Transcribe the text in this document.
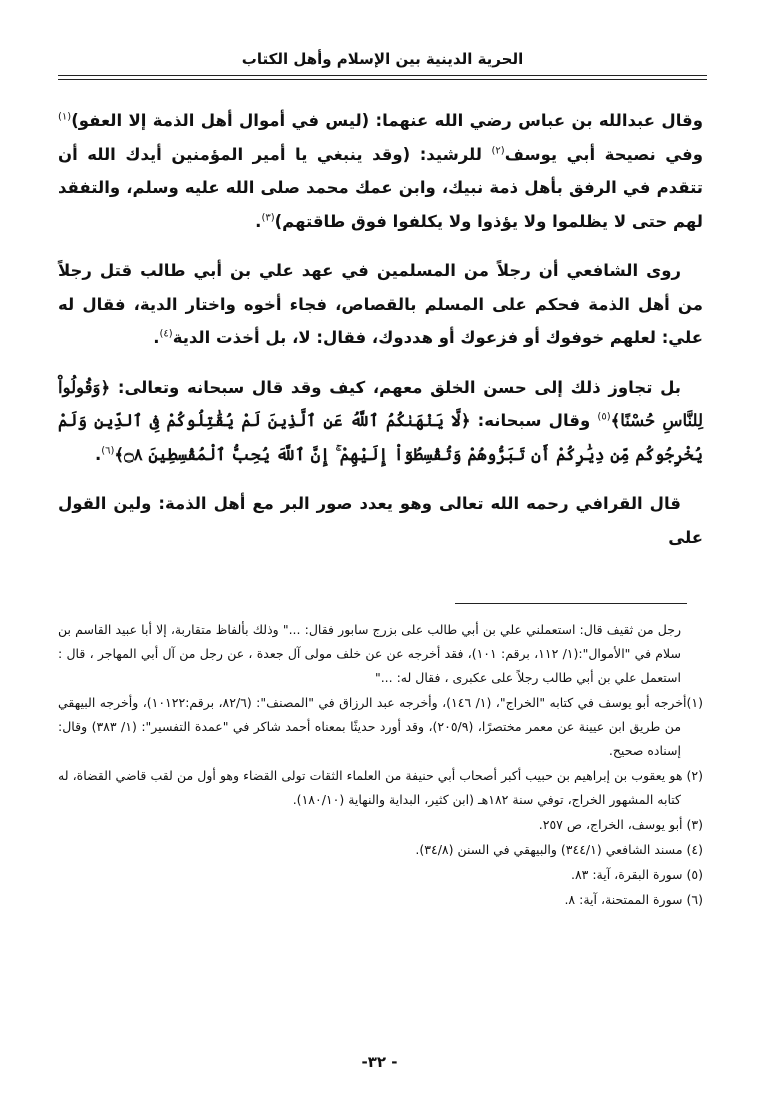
الحرية الدينية بين الإسلام وأهل الكتاب

وقال عبدالله بن عباس رضي الله عنهما: (ليس في أموال أهل الذمة إلا العفو)$^{(١)}$ وفي نصيحة أبي يوسف$^{(٢)}$ للرشيد: (وقد ينبغي يا أمير المؤمنين أيدك الله أن تتقدم في الرفق بأهل ذمة نبيك، وابن عمك محمد صلى الله عليه وسلم، والتفقد لهم حتى لا يظلموا ولا يؤذوا ولا يكلفوا فوق طاقتهم)$^{(٣)}$.

روى الشافعي أن رجلاً من المسلمين في عهد علي بن أبي طالب قتل رجلاً من أهل الذمة فحكم على المسلم بالقصاص، فجاء أخوه واختار الدية، فقال له علي: لعلهم خوفوك أو فزعوك أو هددوك، فقال: لا، بل أخذت الدية$^{(٤)}$.

بل تجاوز ذلك إلى حسن الخلق معهم، كيف وقد قال سبحانه وتعالى: ﴿وَقُولُواْ لِلنَّاسِ حُسْنًا﴾$^{(٥)}$ وقال سبحانه: ﴿لَّا يَنْهَىٰكُمُ ٱللَّهُ عَنِ ٱلَّذِينَ لَمْ يُقَٰتِلُوكُمْ فِى ٱلدِّينِ وَلَمْ يُخْرِجُوكُم مِّن دِيَٰرِكُمْ أَن تَبَرُّوهُمْ وَتُقْسِطُوٓاْ إِلَيْهِمْ ۚ إِنَّ ٱللَّهَ يُحِبُّ ٱلْمُقْسِطِينَ ۝٨﴾$^{(٦)}$.

قال القرافي رحمه الله تعالى وهو يعدد صور البر مع أهل الذمة: ولين القول على

رجل من ثقيف قال: استعملني علي بن أبي طالب على بزرج سابور فقال: ..." وذلك بألفاظ متقاربة، إلا أبا عبيد القاسم بن سلام في "الأموال":(١/ ١١٢، برقم: ١٠١)، فقد أخرجه عن عن خلف مولى آل جعدة ، عن رجل من آل أبي المهاجر ، قال : استعمل علي بن أبي طالب رجلاً على عكبرى ، فقال له: ..."

(١)أخرجه أبو يوسف في كتابه "الخراج"، (١/ ١٤٦)، وأخرجه عبد الرزاق في "المصنف": (٨٢/٦، برقم:١٠١٢٢)، وأخرجه البيهقي من طريق ابن عيينة عن معمر مختصرًا، (٢٠٥/٩)، وقد أورد حديثًا بمعناه أحمد شاكر في "عمدة التفسير": (١/ ٣٨٣) وقال: إسناده صحيح.

(٢) هو يعقوب بن إبراهيم بن حبيب أكبر أصحاب أبي حنيفة من العلماء الثقات تولى القضاء وهو أول من لقب قاضي القضاة، له كتابه المشهور الخراج، توفي سنة ١٨٢هـ (ابن كثير، البداية والنهاية (١٨٠/١٠).

(٣) أبو يوسف، الخراج، ص ٢٥٧.

(٤) مسند الشافعي (٣٤٤/١) والبيهقي في السنن (٣٤/٨).

(٥) سورة البقرة، آية: ٨٣.

(٦) سورة الممتحنة، آية: ٨.

- ٣٢-
